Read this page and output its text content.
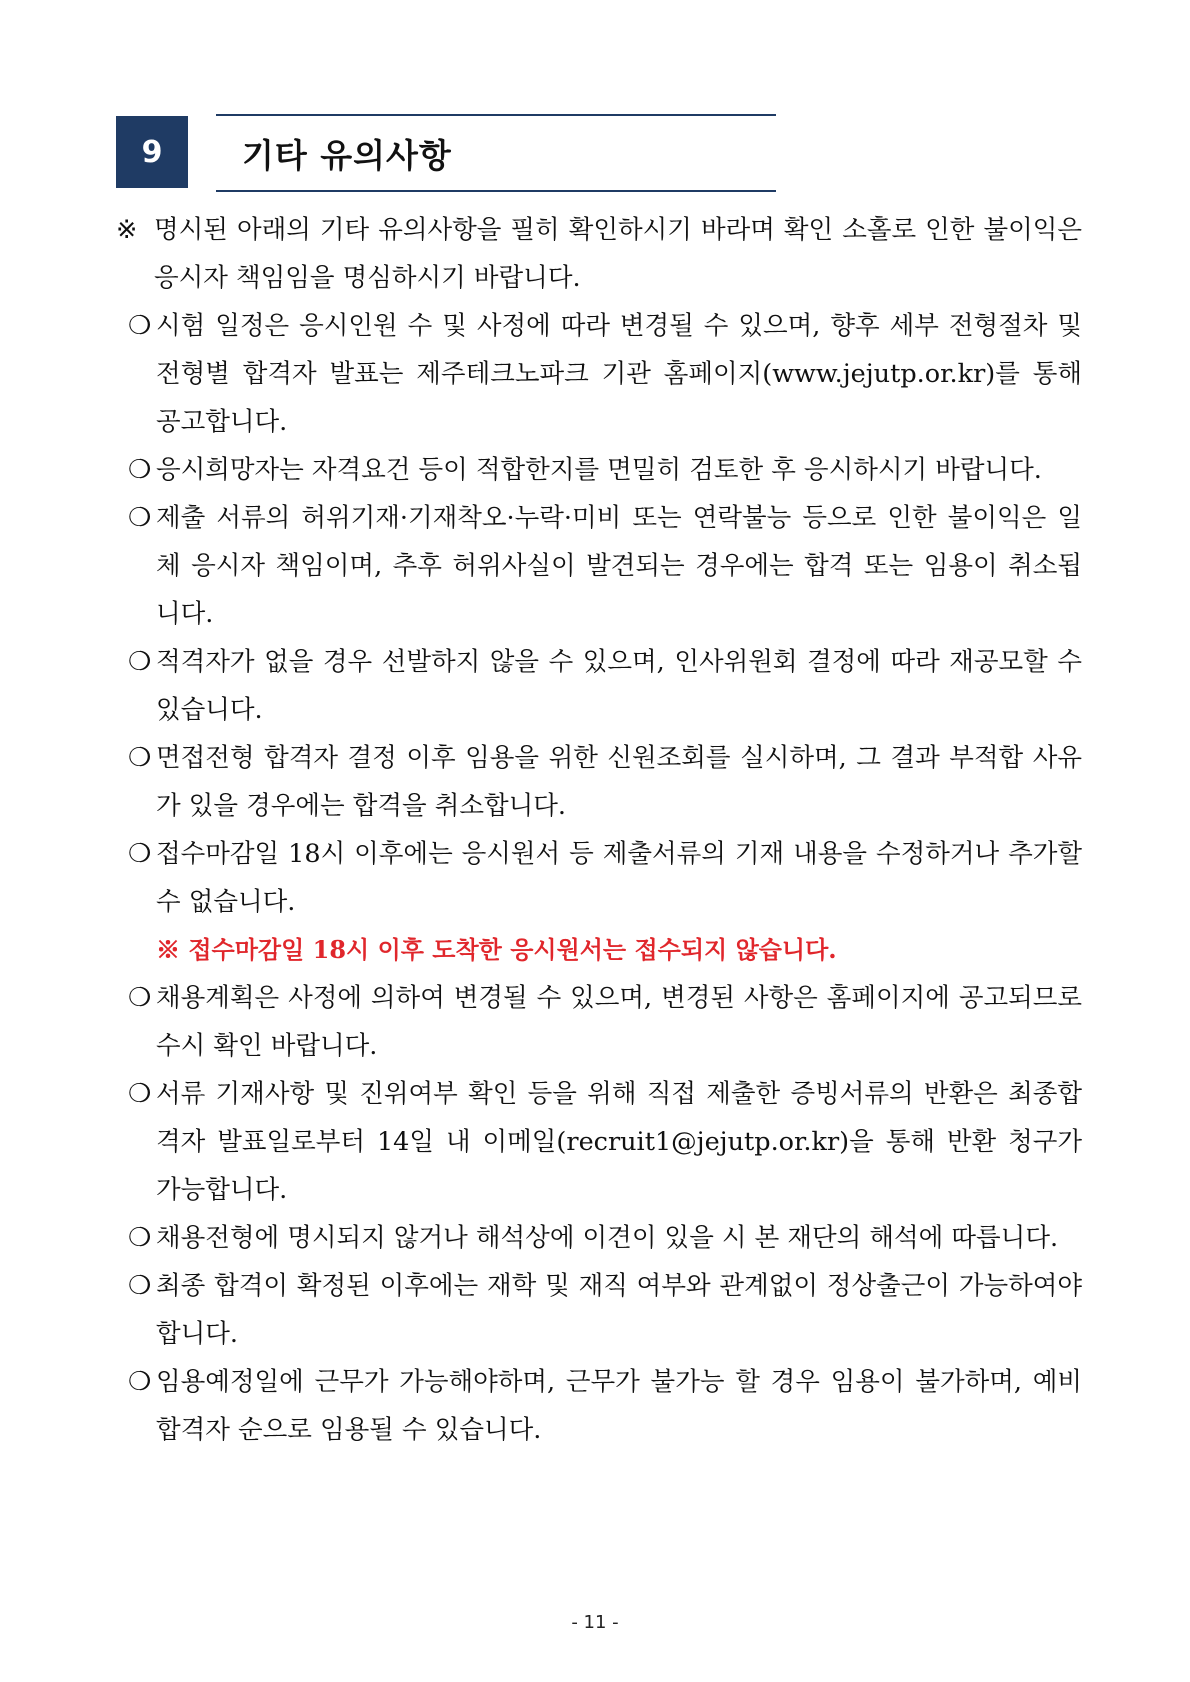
9	기타 유의사항
※ 명시된 아래의 기타 유의사항을 필히 확인하시기 바라며 확인 소홀로 인한 불이익은 응시자 책임임을 명심하시기 바랍니다.
❍ 시험 일정은 응시인원 수 및 사정에 따라 변경될 수 있으며, 향후 세부 전형절차 및 전형별 합격자 발표는 제주테크노파크 기관 홈페이지(www.jejutp.or.kr)를 통해 공고합니다.
❍ 응시희망자는 자격요건 등이 적합한지를 면밀히 검토한 후 응시하시기 바랍니다.
❍ 제출 서류의 허위기재·기재착오·누락·미비 또는 연락불능 등으로 인한 불이익은 일체 응시자 책임이며, 추후 허위사실이 발견되는 경우에는 합격 또는 임용이 취소됩니다.
❍ 적격자가 없을 경우 선발하지 않을 수 있으며, 인사위원회 결정에 따라 재공모할 수 있습니다.
❍ 면접전형 합격자 결정 이후 임용을 위한 신원조회를 실시하며, 그 결과 부적합 사유가 있을 경우에는 합격을 취소합니다.
❍ 접수마감일 18시 이후에는 응시원서 등 제출서류의 기재 내용을 수정하거나 추가할 수 없습니다.
※ 접수마감일 18시 이후 도착한 응시원서는 접수되지 않습니다.
❍ 채용계획은 사정에 의하여 변경될 수 있으며, 변경된 사항은 홈페이지에 공고되므로 수시 확인 바랍니다.
❍ 서류 기재사항 및 진위여부 확인 등을 위해 직접 제출한 증빙서류의 반환은 최종합격자 발표일로부터 14일 내 이메일(recruit1@jejutp.or.kr)을 통해 반환 청구가 가능합니다.
❍ 채용전형에 명시되지 않거나 해석상에 이견이 있을 시 본 재단의 해석에 따릅니다.
❍ 최종 합격이 확정된 이후에는 재학 및 재직 여부와 관계없이 정상출근이 가능하여야 합니다.
❍ 임용예정일에 근무가 가능해야하며, 근무가 불가능 할 경우 임용이 불가하며, 예비합격자 순으로 임용될 수 있습니다.
- 11 -
